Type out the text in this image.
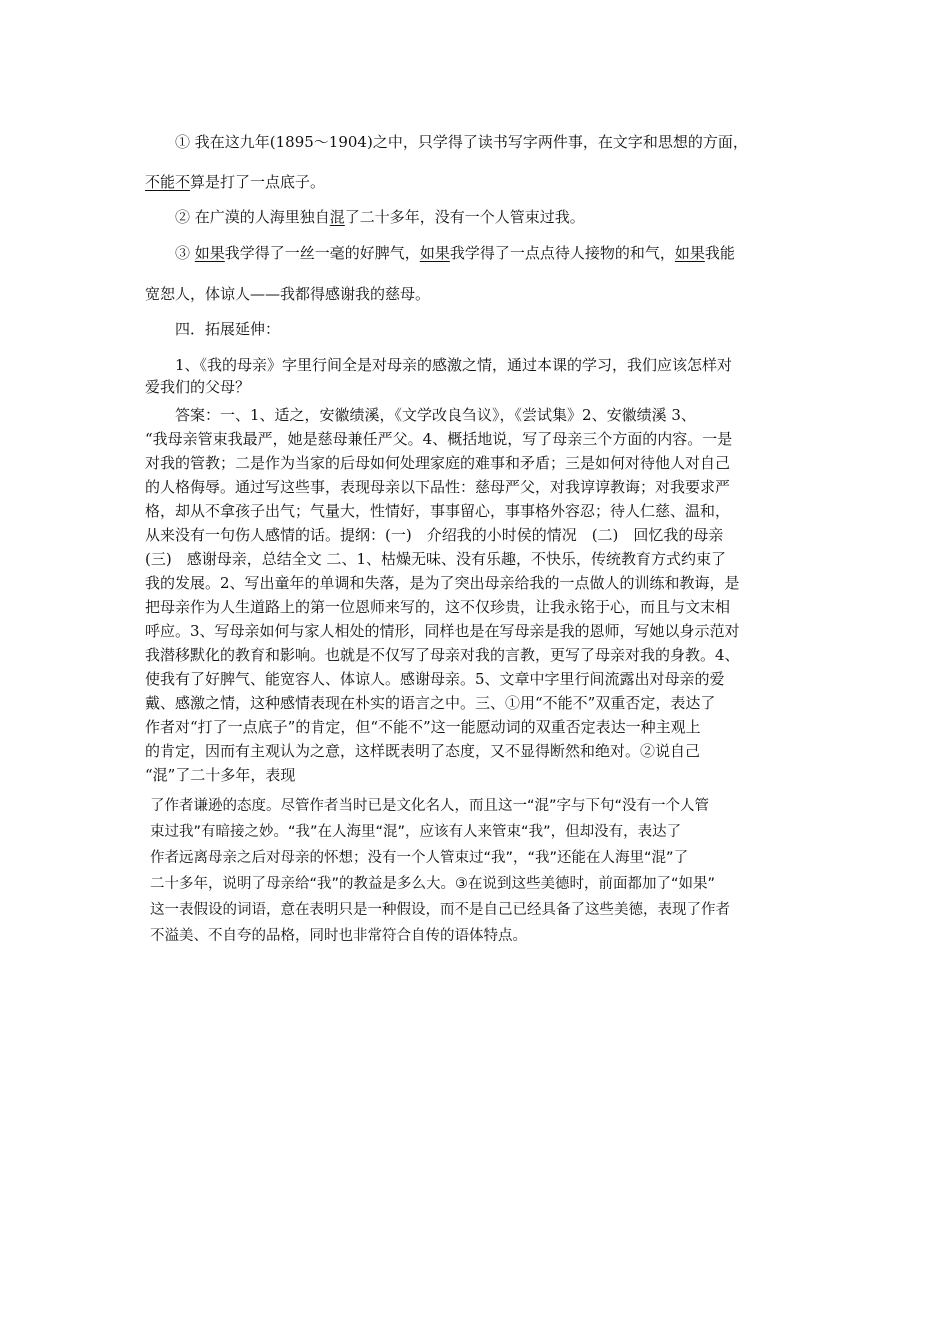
① 我在这九年(1895～1904)之中，只学得了读书写字两件事，在文字和思想的方面，
不能不算是打了一点底子。
② 在广漠的人海里独自混了二十多年，没有一个人管束过我。
③ 如果我学得了一丝一毫的好脾气，如果我学得了一点点待人接物的和气，如果我能
宽恕人，体谅人——我都得感谢我的慈母。
四．拓展延伸：
1、《我的母亲》字里行间全是对母亲的感激之情，通过本课的学习，我们应该怎样对
爱我们的父母？
答案：一、1、适之，安徽绩溪，《文学改良刍议》，《尝试集》2、安徽绩溪 3、
“我母亲管束我最严，她是慈母兼任严父。4、概括地说，写了母亲三个方面的内容。一是
对我的管教；二是作为当家的后母如何处理家庭的难事和矛盾；三是如何对待他人对自己
的人格侮辱。通过写这些事，表现母亲以下品性：慈母严父，对我谆谆教诲；对我要求严
格，却从不拿孩子出气；气量大，性情好，事事留心，事事格外容忍；待人仁慈、温和，
从来没有一句伤人感情的话。提纲：(一)　介绍我的小时侯的情况　(二)　回忆我的母亲
(三)　感谢母亲，总结全文 二、1、枯燥无味、没有乐趣，不快乐，传统教育方式约束了
我的发展。2、写出童年的单调和失落，是为了突出母亲给我的一点做人的训练和教诲，是
把母亲作为人生道路上的第一位恩师来写的，这不仅珍贵，让我永铭于心，而且与文末相
呼应。3、写母亲如何与家人相处的情形，同样也是在写母亲是我的恩师，写她以身示范对
我潜移默化的教育和影响。也就是不仅写了母亲对我的言教，更写了母亲对我的身教。4、
使我有了好脾气、能宽容人、体谅人。感谢母亲。5、文章中字里行间流露出对母亲的爱
戴、感激之情，这种感情表现在朴实的语言之中。三、①用“不能不”双重否定，表达了
作者对“打了一点底子”的肯定，但“不能不”这一能愿动词的双重否定表达一种主观上
的肯定，因而有主观认为之意，这样既表明了态度，又不显得断然和绝对。②说自己
“混”了二十多年，表现
了作者谦逊的态度。尽管作者当时已是文化名人，而且这一“混”字与下句“没有一个人管
束过我”有暗接之妙。“我”在人海里“混”，应该有人来管束“我”，但却没有，表达了
作者远离母亲之后对母亲的怀想；没有一个人管束过“我”，“我”还能在人海里“混”了
二十多年，说明了母亲给“我”的教益是多么大。③在说到这些美德时，前面都加了“如果”
这一表假设的词语，意在表明只是一种假设，而不是自己已经具备了这些美德，表现了作者
不溢美、不自夸的品格，同时也非常符合自传的语体特点。
